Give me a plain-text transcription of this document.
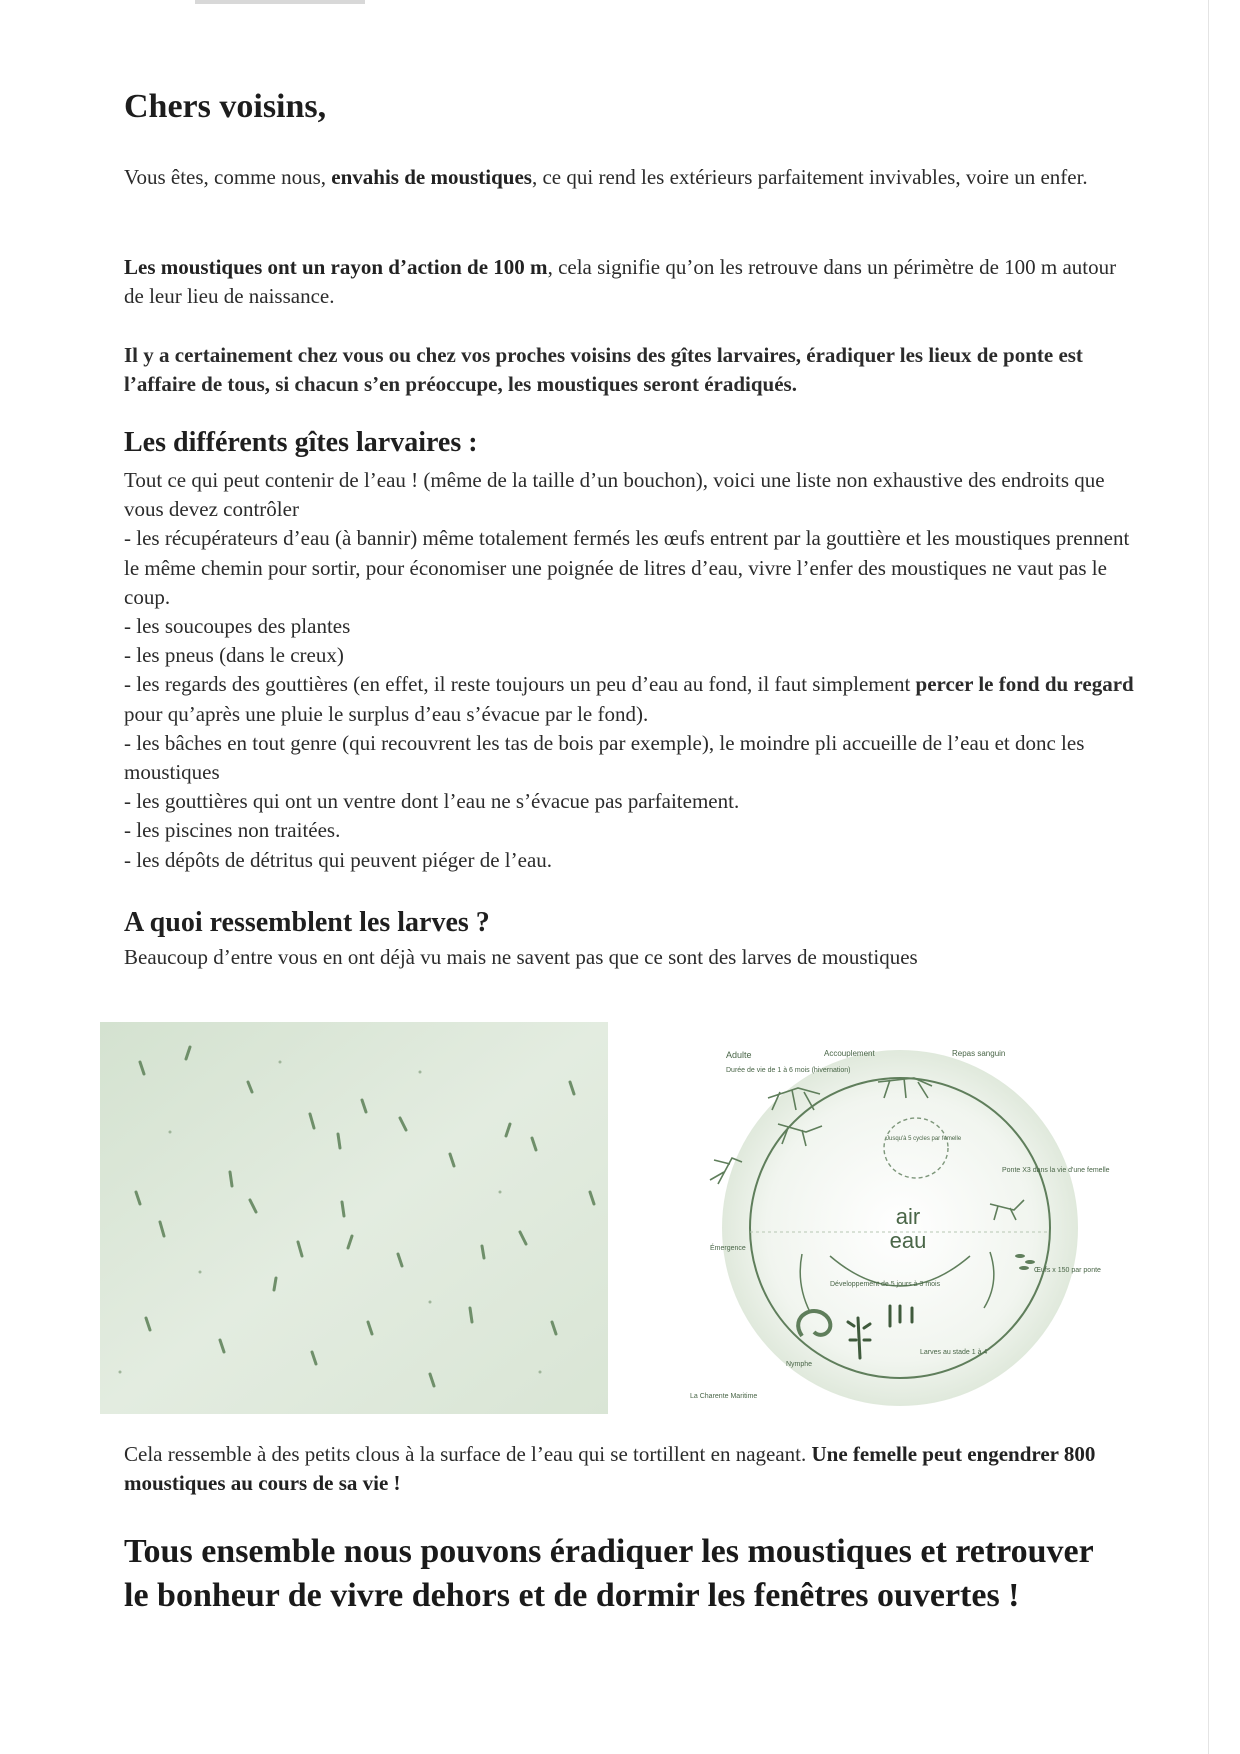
Chers voisins,

Vous êtes, comme nous, envahis de moustiques, ce qui rend les extérieurs parfaitement invivables, voire un enfer.

Les moustiques ont un rayon d’action de 100 m, cela signifie qu’on les retrouve dans un périmètre de 100 m autour de leur lieu de naissance.

Il y a certainement chez vous ou chez vos proches voisins des gîtes larvaires, éradiquer les lieux de ponte est l’affaire de tous, si chacun s’en préoccupe, les moustiques seront éradiqués.

Les différents gîtes larvaires :
Tout ce qui peut contenir de l’eau ! (même de la taille d’un bouchon), voici une liste non exhaustive des endroits que vous devez contrôler
- les récupérateurs d’eau (à bannir) même totalement fermés les œufs entrent par la gouttière et les moustiques prennent le même chemin pour sortir, pour économiser une poignée de litres d’eau, vivre l’enfer des moustiques ne vaut pas le coup.
- les soucoupes des plantes
- les pneus (dans le creux)
- les regards des gouttières (en effet, il reste toujours un peu d’eau au fond, il faut simplement percer le fond du regard pour qu’après une pluie le surplus d’eau s’évacue par le fond).
- les bâches en tout genre (qui recouvrent les tas de bois par exemple), le moindre pli accueille de l’eau et donc les moustiques
- les gouttières qui ont un ventre dont l’eau ne s’évacue pas parfaitement.
- les piscines non traitées.
- les dépôts de détritus qui peuvent piéger de l’eau.
A quoi ressemblent les larves ?

Beaucoup d’entre vous en ont déjà vu mais ne savent pas que ce sont des larves de moustiques

air
eau
Adulte
Durée de vie de 1 à 6 mois (hivernation)
Accouplement	Repas sanguin
Jusqu'à 5 cycles par femelle
Ponte X3 dans la vie d'une femelle
Émergence
Œufs x 150 par ponte
Développement de 5 jours à 3 mois
Nymphe
Larves au stade 1 à 4
La Charente Maritime

Cela ressemble à des petits clous à la surface de l’eau qui se tortillent en nageant. Une femelle peut engendrer 800 moustiques au cours de sa vie !

Tous ensemble nous pouvons éradiquer les moustiques et retrouver le bonheur de vivre dehors et de dormir les fenêtres ouvertes !
